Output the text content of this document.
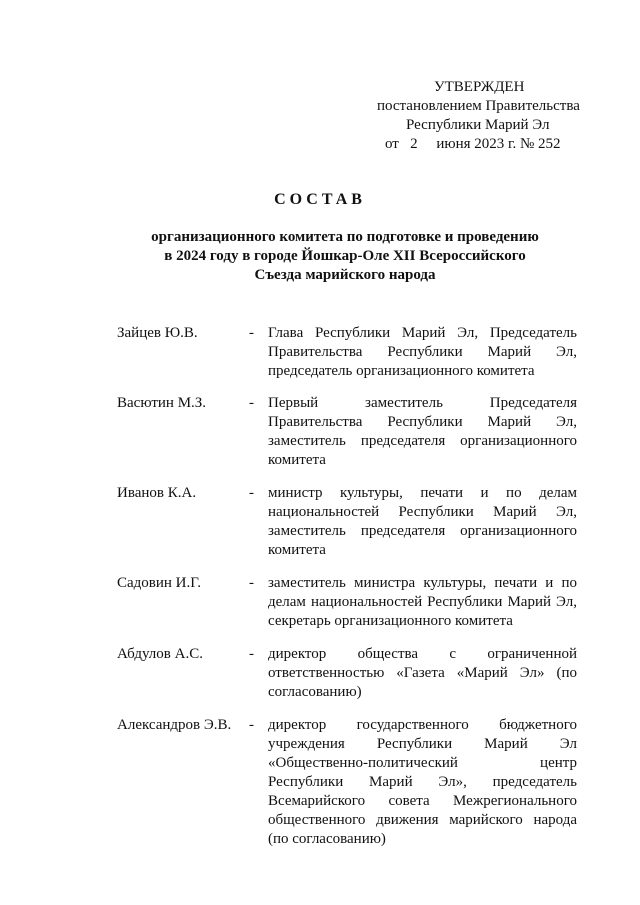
УТВЕРЖДЕН
постановлением Правительства
Республики Марий Эл
от   2     июня 2023 г. № 252
СОСТАВ
организационного комитета по подготовке и проведению
в 2024 году в городе Йошкар-Оле XII Всероссийского
Съезда марийского народа
Зайцев Ю.В.	- Глава Республики Марий Эл, Председатель Правительства Республики Марий Эл, председатель организационного комитета
Васютин М.З.	- Первый заместитель Председателя Правительства Республики Марий Эл, заместитель председателя организационного комитета
Иванов К.А.	- министр культуры, печати и по делам национальностей Республики Марий Эл, заместитель председателя организационного комитета
Садовин И.Г.	- заместитель министра культуры, печати и по делам национальностей Республики Марий Эл, секретарь организационного комитета
Абдулов А.С.	- директор общества с ограниченной ответственностью «Газета «Марий Эл» (по согласованию)
Александров Э.В. - директор государственного бюджетного учреждения Республики Марий Эл «Общественно-политический центр Республики Марий Эл», председатель Всемарийского совета Межрегионального общественного движения марийского народа (по согласованию)
